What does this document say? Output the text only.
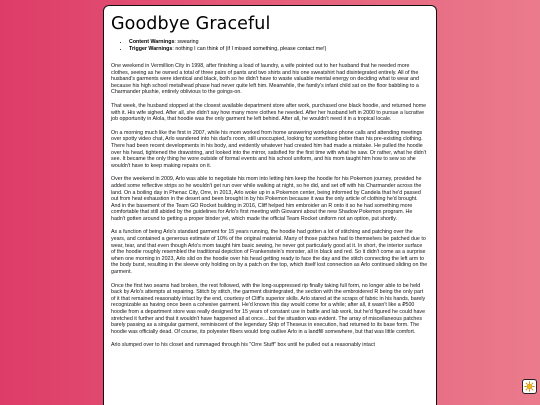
Goodbye Graceful
• Content Warnings: swearing
• Trigger Warnings: nothing I can think of (if I missed something, please contact me!)

One weekend in Vermillion City in 1998, after finishing a load of laundry, a wife pointed out to her husband that he needed more clothes, seeing as he owned a total of three pairs of pants and two shirts and his one sweatshirt had disintegrated entirely. All of the husband's garments were identical and black, both so he didn't have to waste valuable mental energy on deciding what to wear and because his high school metalhead phase had never quite left him. Meanwhile, the family's infant child sat on the floor babbling to a Charmander plushie, entirely oblivious to the goings-on.

That week, the husband stopped at the closest available department store after work, purchased one black hoodie, and returned home with it. His wife sighed. After all, she didn't say how many more clothes he needed. After her husband left in 2000 to pursue a lucrative job opportunity in Alola, that hoodie was the only garment he left behind. After all, he wouldn't need it in a tropical locale.

On a morning much like the first in 2007, while his mom worked from home answering workplace phone calls and attending meetings over spotty video chat, Arlo wandered into his dad's room, still unoccupied, looking for something better than his pre-existing clothing. There had been recent developments in his body, and evidently whatever had created him had made a mistake. He pulled the hoodie over his head, tightened the drawstring, and looked into the mirror, satisfied for the first time with what he saw. Or rather, what he didn't see. It became the only thing he wore outside of formal events and his school uniform, and his mom taught him how to sew so she wouldn't have to keep making repairs on it.

Over the weekend in 2009, Arlo was able to negotiate his mom into letting him keep the hoodie for his Pokemon journey, provided he added some reflective strips so he wouldn't get run over while walking at night, so he did, and set off with his Charmander across the land. On a boiling day in Phenac City, Orre, in 2013, Arlo woke up in a Pokemon center, being informed by Candela that he'd passed out from heat exhaustion in the desert and been brought in by his Pokemon because it was the only article of clothing he'd brought. And in the basement of the Team GO Rocket building in 2016, Cliff helped him embroider an R onto it so he had something more comfortable that still abided by the guidelines for Arlo's first meeting with Giovanni about the new Shadow Pokemon program. He hadn't gotten around to getting a proper binder yet, which made the official Team Rocket uniform not an option, put shortly.

As a function of being Arlo's standard garment for 15 years running, the hoodie had gotten a lot of stitching and patching over the years, and contained a generous estimate of 10% of the original material. Many of those patches had to themselves be patched due to wear, tear, and that even though Arlo's mom taught him basic sewing, he never got particularly good at it. In short, the interior surface of the hoodie roughly resembled the traditional depiction of Frankenstein's monster, all in black and red. So it didn't come as a surprise when one morning in 2023, Arlo slid on the hoodie over his head getting ready to face the day and the stitch connecting the left arm to the body burst, resulting in the sleeve only holding on by a patch on the top, which itself lost connection as Arlo continued sliding on the garment.

Once the first two seams had broken, the rest followed, with the long-suppressed rip finally taking full form, no longer able to be held back by Arlo's attempts at repairing. Stitch by stitch, the garment disintegrated, the section with the embroidered R being the only part of it that remained reasonably intact by the end, courtesy of Cliff's superior skills. Arlo stared at the scraps of fabric in his hands, barely recognizable as having once been a cohesive garment. He'd known this day would come for a while; after all, it wasn't like a ₽500 hoodie from a department store was really designed for 15 years of constant use in battle and lab work, but he'd figured he could have stretched it further and that it wouldn't have happened all at once....but the situation was evident. The array of miscellaneous patches barely passing as a singular garment, reminiscent of the legendary Ship of Theseus in execution, had returned to its base form. The hoodie was officially dead. Of course, its polyester fibers would long outlive Arlo in a landfill somewhere, but that was little comfort.

Arlo slumped over to his closet and rummaged through his "Orre Stuff" box until he pulled out a reasonably intact
